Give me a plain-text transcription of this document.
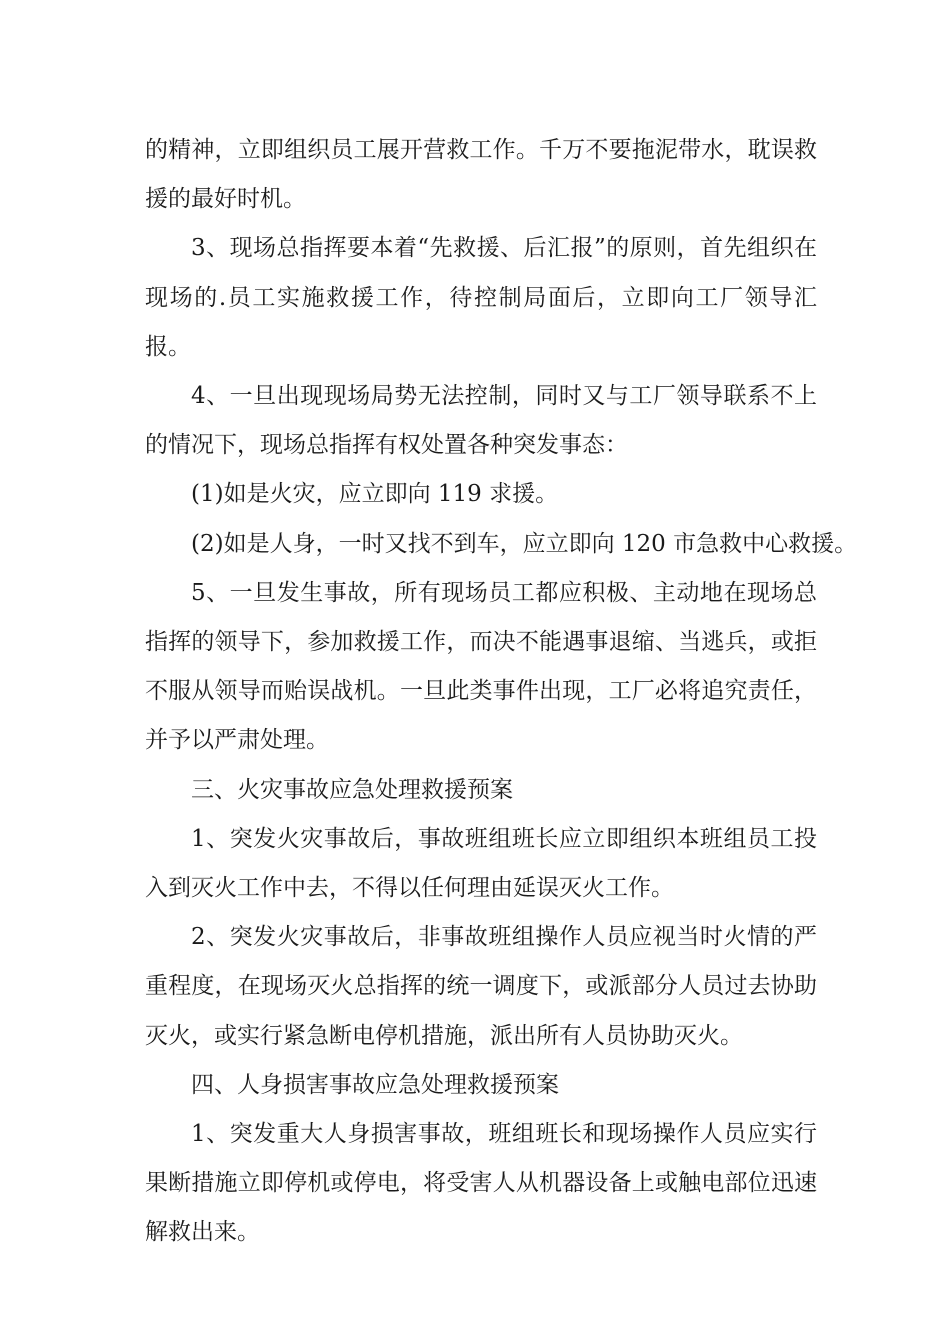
的精神，立即组织员工展开营救工作。千万不要拖泥带水，耽误救援的最好时机。

3、现场总指挥要本着“先救援、后汇报”的原则，首先组织在现场的.员工实施救援工作，待控制局面后，立即向工厂领导汇报。

4、一旦出现现场局势无法控制，同时又与工厂领导联系不上的情况下，现场总指挥有权处置各种突发事态：

(1)如是火灾，应立即向 119 求援。

(2)如是人身，一时又找不到车，应立即向 120 市急救中心救援。

5、一旦发生事故，所有现场员工都应积极、主动地在现场总指挥的领导下，参加救援工作，而决不能遇事退缩、当逃兵，或拒不服从领导而贻误战机。一旦此类事件出现，工厂必将追究责任，并予以严肃处理。

三、火灾事故应急处理救援预案

1、突发火灾事故后，事故班组班长应立即组织本班组员工投入到灭火工作中去，不得以任何理由延误灭火工作。

2、突发火灾事故后，非事故班组操作人员应视当时火情的严重程度，在现场灭火总指挥的统一调度下，或派部分人员过去协助灭火，或实行紧急断电停机措施，派出所有人员协助灭火。

四、人身损害事故应急处理救援预案

1、突发重大人身损害事故，班组班长和现场操作人员应实行果断措施立即停机或停电，将受害人从机器设备上或触电部位迅速解救出来。
